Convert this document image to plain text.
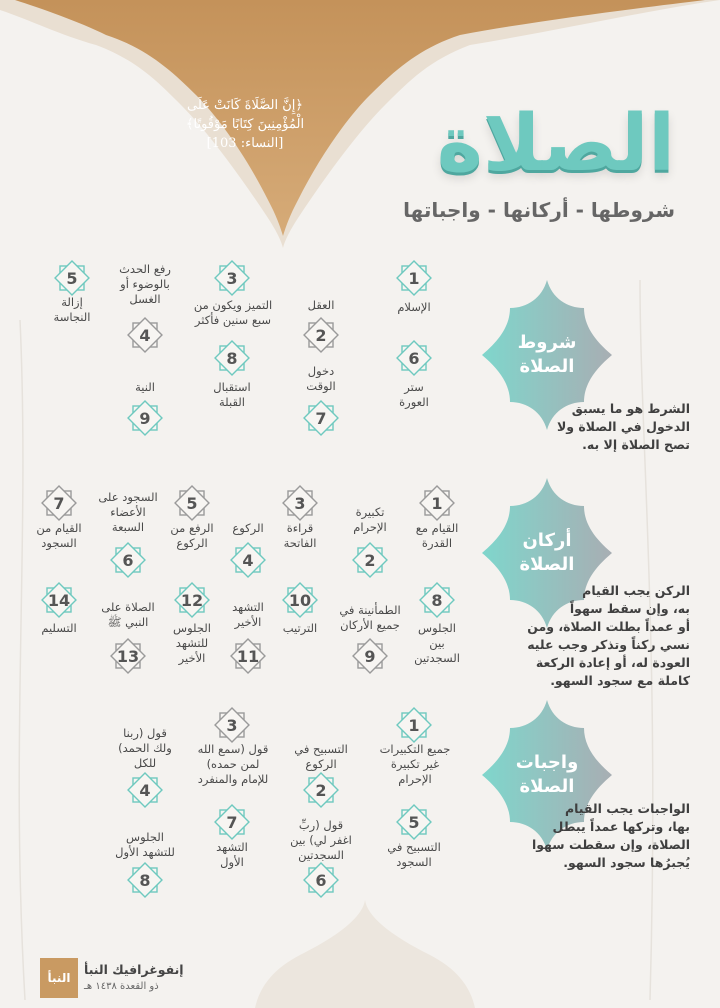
﴿إِنَّ الصَّلَاةَ كَانَتْ عَلَى
الْمُؤْمِنِينَ كِتَابًا مَوْقُوتًا﴾
[النساء: 103]	الصلاة
شروطها - أركانها - واجباتها
شروط
الصلاة
الشرط هو ما يسبق
الدخول في الصلاة ولا
تصح الصلاة إلا به.
أركان
الصلاة
الركن يجب القيام
به، وإن سقط سهواً
أو عمداً بطلت الصلاة، ومن
نسي ركناً وتذكر وجب عليه
العودة له، أو إعادة الركعة
كاملة مع سجود السهو.
واجبات
الصلاة
الواجبات يجب القيام
بها، وتركها عمداً يبطل
الصلاة، وإن سقطت سهوا
يُجبرُها سجود السهو.
1
الإسلام
2
العقل
3
التميز ويكون من
سبع سنين فأكثر
4
رفع الحدث
بالوضوء أو
الغسل
5
إزالة
النجاسة
6
ستر
العورة
7
دخول
الوقت
8
استقبال
القبلة
9
النية
1
القيام مع
القدرة
2
تكبيرة
الإحرام
3
قراءة
الفاتحة
4
الركوع
5
الرفع من
الركوع
6
السجود على
الأعضاء
السبعة
7
القيام من
السجود
8
الجلوس
بين
السجدتين
9
الطمأنينة في
جميع الأركان
10
الترتيب
11
التشهد
الأخير
12
الجلوس
للتشهد
الأخير
13
الصلاة على
النبي ﷺ
14
التسليم
1
جميع التكبيرات
غير تكبيرة
الإحرام
2
التسبيح في
الركوع
3
قول (سمع الله
لمن حمده)
للإمام والمنفرد
4
قول (ربنا
ولك الحمد)
للكل
5
التسبيح في
السجود
6
قول (ربِّ
اغفر لي) بين
السجدتين
7
التشهد
الأول
8
الجلوس
للتشهد الأول
النبأ
إنفوغرافيك النبأ
ذو القعدة ١٤٣٨ هـ
